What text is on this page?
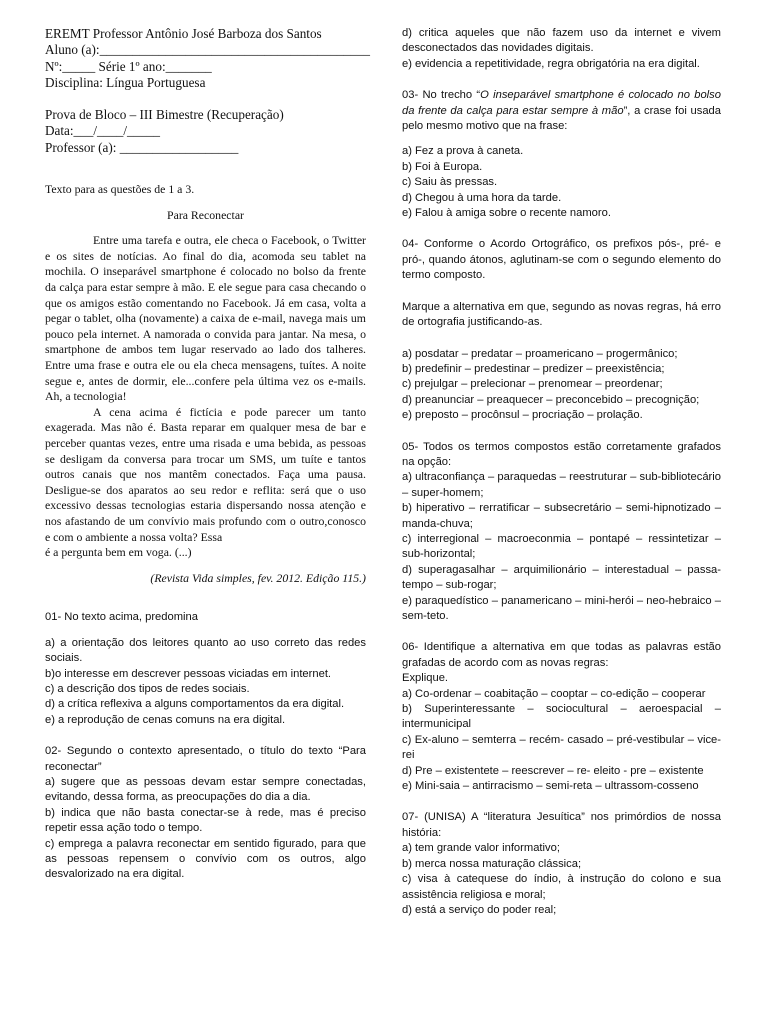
EREMT Professor Antônio José Barboza dos Santos
Aluno (a):_________________________________________
Nº:_____ Série 1º ano:_______
Disciplina: Língua Portuguesa
Prova de Bloco – III Bimestre (Recuperação)
Data:___/____/_____
Professor (a): __________________

Texto para as questões de 1 a 3.

Para Reconectar

Entre uma tarefa e outra, ele checa o Facebook, o Twitter e os sites de notícias. Ao final do dia, acomoda seu tablet na mochila. O inseparável smartphone é colocado no bolso da frente da calça para estar sempre à mão. E ele segue para casa checando o que os amigos estão comentando no Facebook. Já em casa, volta a pegar o tablet, olha (novamente) a caixa de e-mail, navega mais um pouco pela internet. A namorada o convida para jantar. Na mesa, o smartphone de ambos tem lugar reservado ao lado dos talheres. Entre uma frase e outra ele ou ela checa mensagens, tuítes. A noite segue e, antes de dormir, ele...confere pela última vez os e-mails. Ah, a tecnologia!

A cena acima é fictícia e pode parecer um tanto exagerada. Mas não é. Basta reparar em qualquer mesa de bar e perceber quantas vezes, entre uma risada e uma bebida, as pessoas se desligam da conversa para trocar um SMS, um tuíte e tantos outros canais que nos mantêm conectados. Faça uma pausa. Desligue-se dos aparatos ao seu redor e reflita: será que o uso excessivo dessas tecnologias estaria dispersando nossa atenção e nos afastando de um convívio mais profundo com o outro,conosco e com o ambiente a nossa volta? Essa

é a pergunta bem em voga. (...)

(Revista Vida simples, fev. 2012. Edição 115.)

01- No texto acima, predomina

a) a orientação dos leitores quanto ao uso correto das redes sociais.

b)o interesse em descrever pessoas viciadas em internet.

c) a descrição dos tipos de redes sociais.

d) a crítica reflexiva a alguns comportamentos da era digital.

e) a reprodução de cenas comuns na era digital.

02- Segundo o contexto apresentado, o título do texto “Para reconectar”

a) sugere que as pessoas devam estar sempre conectadas, evitando, dessa forma, as preocupações do dia a dia.

b) indica que não basta conectar-se à rede, mas é preciso repetir essa ação todo o tempo.

c) emprega a palavra reconectar em sentido figurado, para que as pessoas repensem o convívio com os outros, algo desvalorizado na era digital.

d) critica aqueles que não fazem uso da internet e vivem desconectados das novidades digitais.

e) evidencia a repetitividade, regra obrigatória na era digital.

03- No trecho “O inseparável smartphone é colocado no bolso da frente da calça para estar sempre à mão”, a crase foi usada pelo mesmo motivo que na frase:

a) Fez a prova à caneta.

b) Foi à Europa.

c) Saiu às pressas.

d) Chegou à uma hora da tarde.

e) Falou à amiga sobre o recente namoro.

04- Conforme o Acordo Ortográfico, os prefixos pós-, pré- e pró-, quando átonos, aglutinam-se com o segundo elemento do termo composto.

Marque a alternativa em que, segundo as novas regras, há erro de ortografia justificando-as.

a) posdatar – predatar – proamericano – progermânico;

b) predefinir – predestinar – predizer – preexistência;

c) prejulgar – prelecionar – prenomear – preordenar;

d) preanunciar – preaquecer – preconcebido – precognição;

e) preposto – procônsul – procriação – prolação.

05- Todos os termos compostos estão corretamente grafados na opção:

a) ultraconfiança – paraquedas – reestruturar – sub-bibliotecário – super-homem;

b) hiperativo – rerratificar – subsecretário – semi-hipnotizado – manda-chuva;

c) interregional – macroeconmia – pontapé – ressintetizar – sub-horizontal;

d) superagasalhar – arquimilionário – interestadual – passa-tempo – sub-rogar;

e) paraquedístico – panamericano – mini-herói – neo-hebraico – sem-teto.

06- Identifique a alternativa em que todas as palavras estão grafadas de acordo com as novas regras:

Explique.

a) Co-ordenar – coabitação – cooptar – co-edição – cooperar

b) Superinteressante – sociocultural – aeroespacial – intermunicipal

c) Ex-aluno – semterra – recém- casado – pré-vestibular – vice-rei

d) Pre – existentete – reescrever – re- eleito - pre – existente

e) Mini-saia – antirracismo – semi-reta – ultrassom-cosseno

07- (UNISA) A “literatura Jesuítica” nos primórdios de nossa história:

a) tem grande valor informativo;

b) merca nossa maturação clássica;

c) visa à catequese do índio, à instrução do colono e sua assistência religiosa e moral;

d) está a serviço do poder real;
